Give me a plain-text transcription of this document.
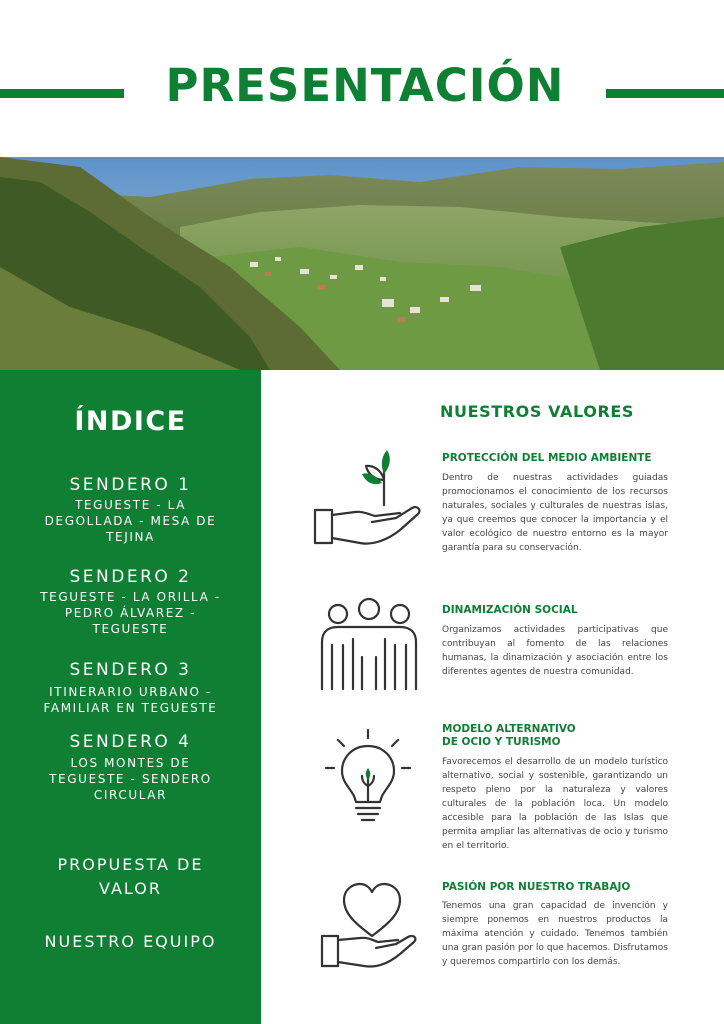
PRESENTACIÓN
ÍNDICE
SENDERO 1
TEGUESTE - LA DEGOLLADA - MESA DE TEJINA
SENDERO 2
TEGUESTE - LA ORILLA - PEDRO ÁLVAREZ - TEGUESTE
SENDERO 3
ITINERARIO URBANO - FAMILIAR EN TEGUESTE
SENDERO 4
LOS MONTES DE TEGUESTE - SENDERO CIRCULAR
PROPUESTA DE VALOR
NUESTRO EQUIPO
NUESTROS VALORES
PROTECCIÓN DEL MEDIO AMBIENTE
Dentro de nuestras actividades guiadas promocionamos el conocimiento de los recursos naturales, sociales y culturales de nuestras islas, ya que creemos que conocer la importancia y el valor ecológico de nuestro entorno es la mayor garantía para su conservación.
DINAMIZACIÓN SOCIAL
Organizamos actividades participativas que contribuyan al fomento de las relaciones humanas, la dinamización y asociación entre los diferentes agentes de nuestra comunidad.
MODELO ALTERNATIVO DE OCIO Y TURISMO
Favorecemos el desarrollo de un modelo turístico alternativo, social y sostenible, garantizando un respeto pleno por la naturaleza y valores culturales de la población loca. Un modelo accesible para la población de las Islas que permita ampliar las alternativas de ocio y turismo en el territorio.
PASIÓN POR NUESTRO TRABAJO
Tenemos una gran capacidad de invención y siempre ponemos en nuestros productos la máxima atención y cuidado. Tenemos también una gran pasión por lo que hacemos. Disfrutamos y queremos compartirlo con los demás.
